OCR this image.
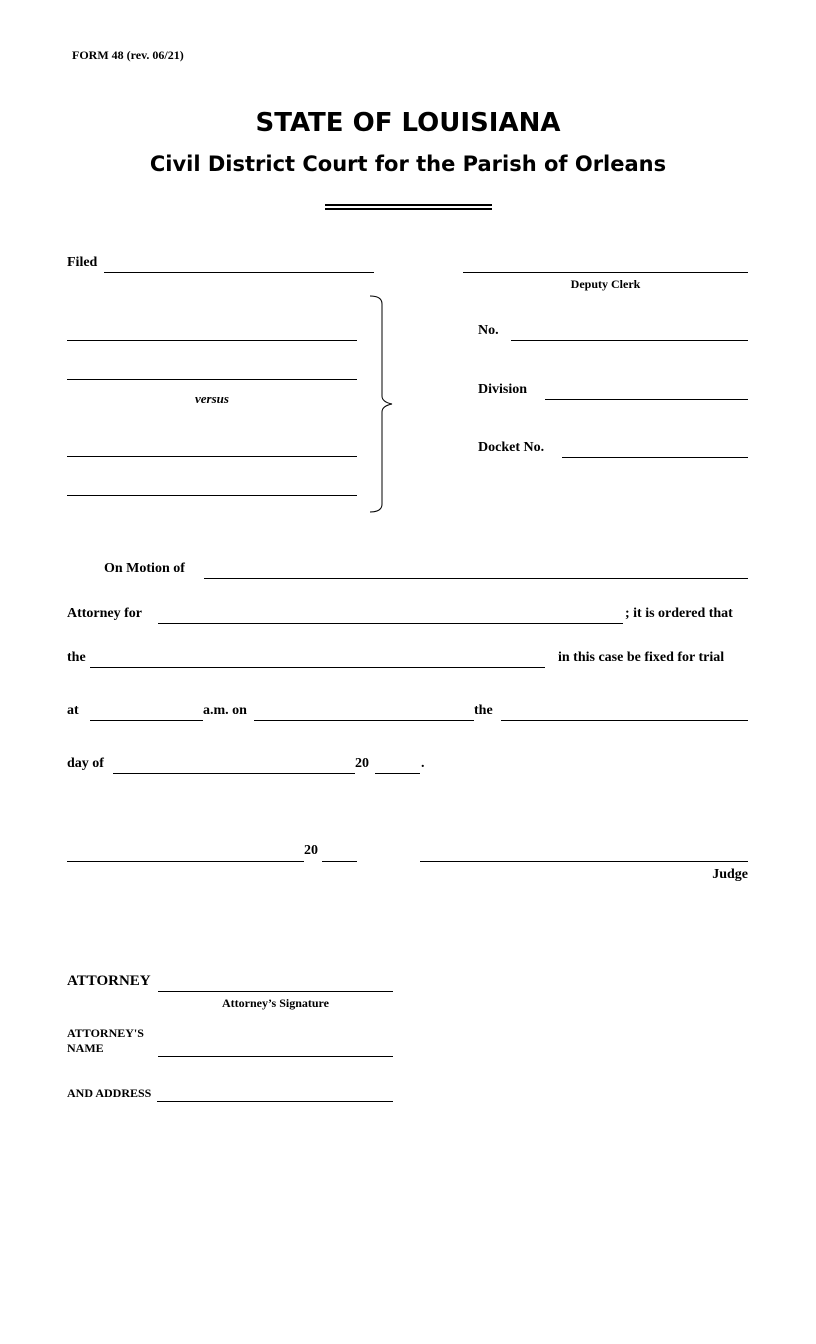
FORM 48 (rev. 06/21)
STATE OF LOUISIANA
Civil District Court for the Parish of Orleans
Filed
Deputy Clerk
versus
No.
Division
Docket No.
On Motion of
Attorney for	; it is ordered that
the	in this case be fixed for trial
at	a.m. on	the
day of	20	.
20
Judge
ATTORNEY
Attorney’s Signature
ATTORNEY'S
NAME
AND ADDRESS
